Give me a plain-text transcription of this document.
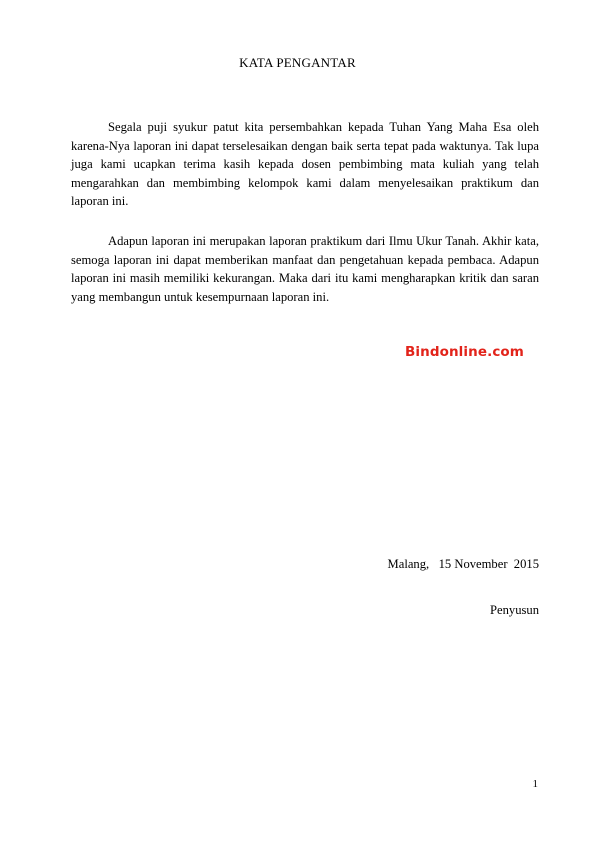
KATA PENGANTAR

Segala puji syukur patut kita persembahkan kepada Tuhan Yang Maha Esa oleh karena-Nya laporan ini dapat terselesaikan dengan baik serta tepat pada waktunya. Tak lupa juga kami ucapkan terima kasih kepada dosen pembimbing mata kuliah yang telah mengarahkan dan membimbing kelompok kami dalam menyelesaikan praktikum dan laporan ini.

Adapun laporan ini merupakan laporan praktikum dari Ilmu Ukur Tanah. Akhir kata, semoga laporan ini dapat memberikan manfaat dan pengetahuan kepada pembaca. Adapun laporan ini masih memiliki kekurangan. Maka dari itu kami mengharapkan kritik dan saran yang membangun untuk kesempurnaan laporan ini.

Bindonline.com
Malang,   15 November  2015
Penyusun
1
